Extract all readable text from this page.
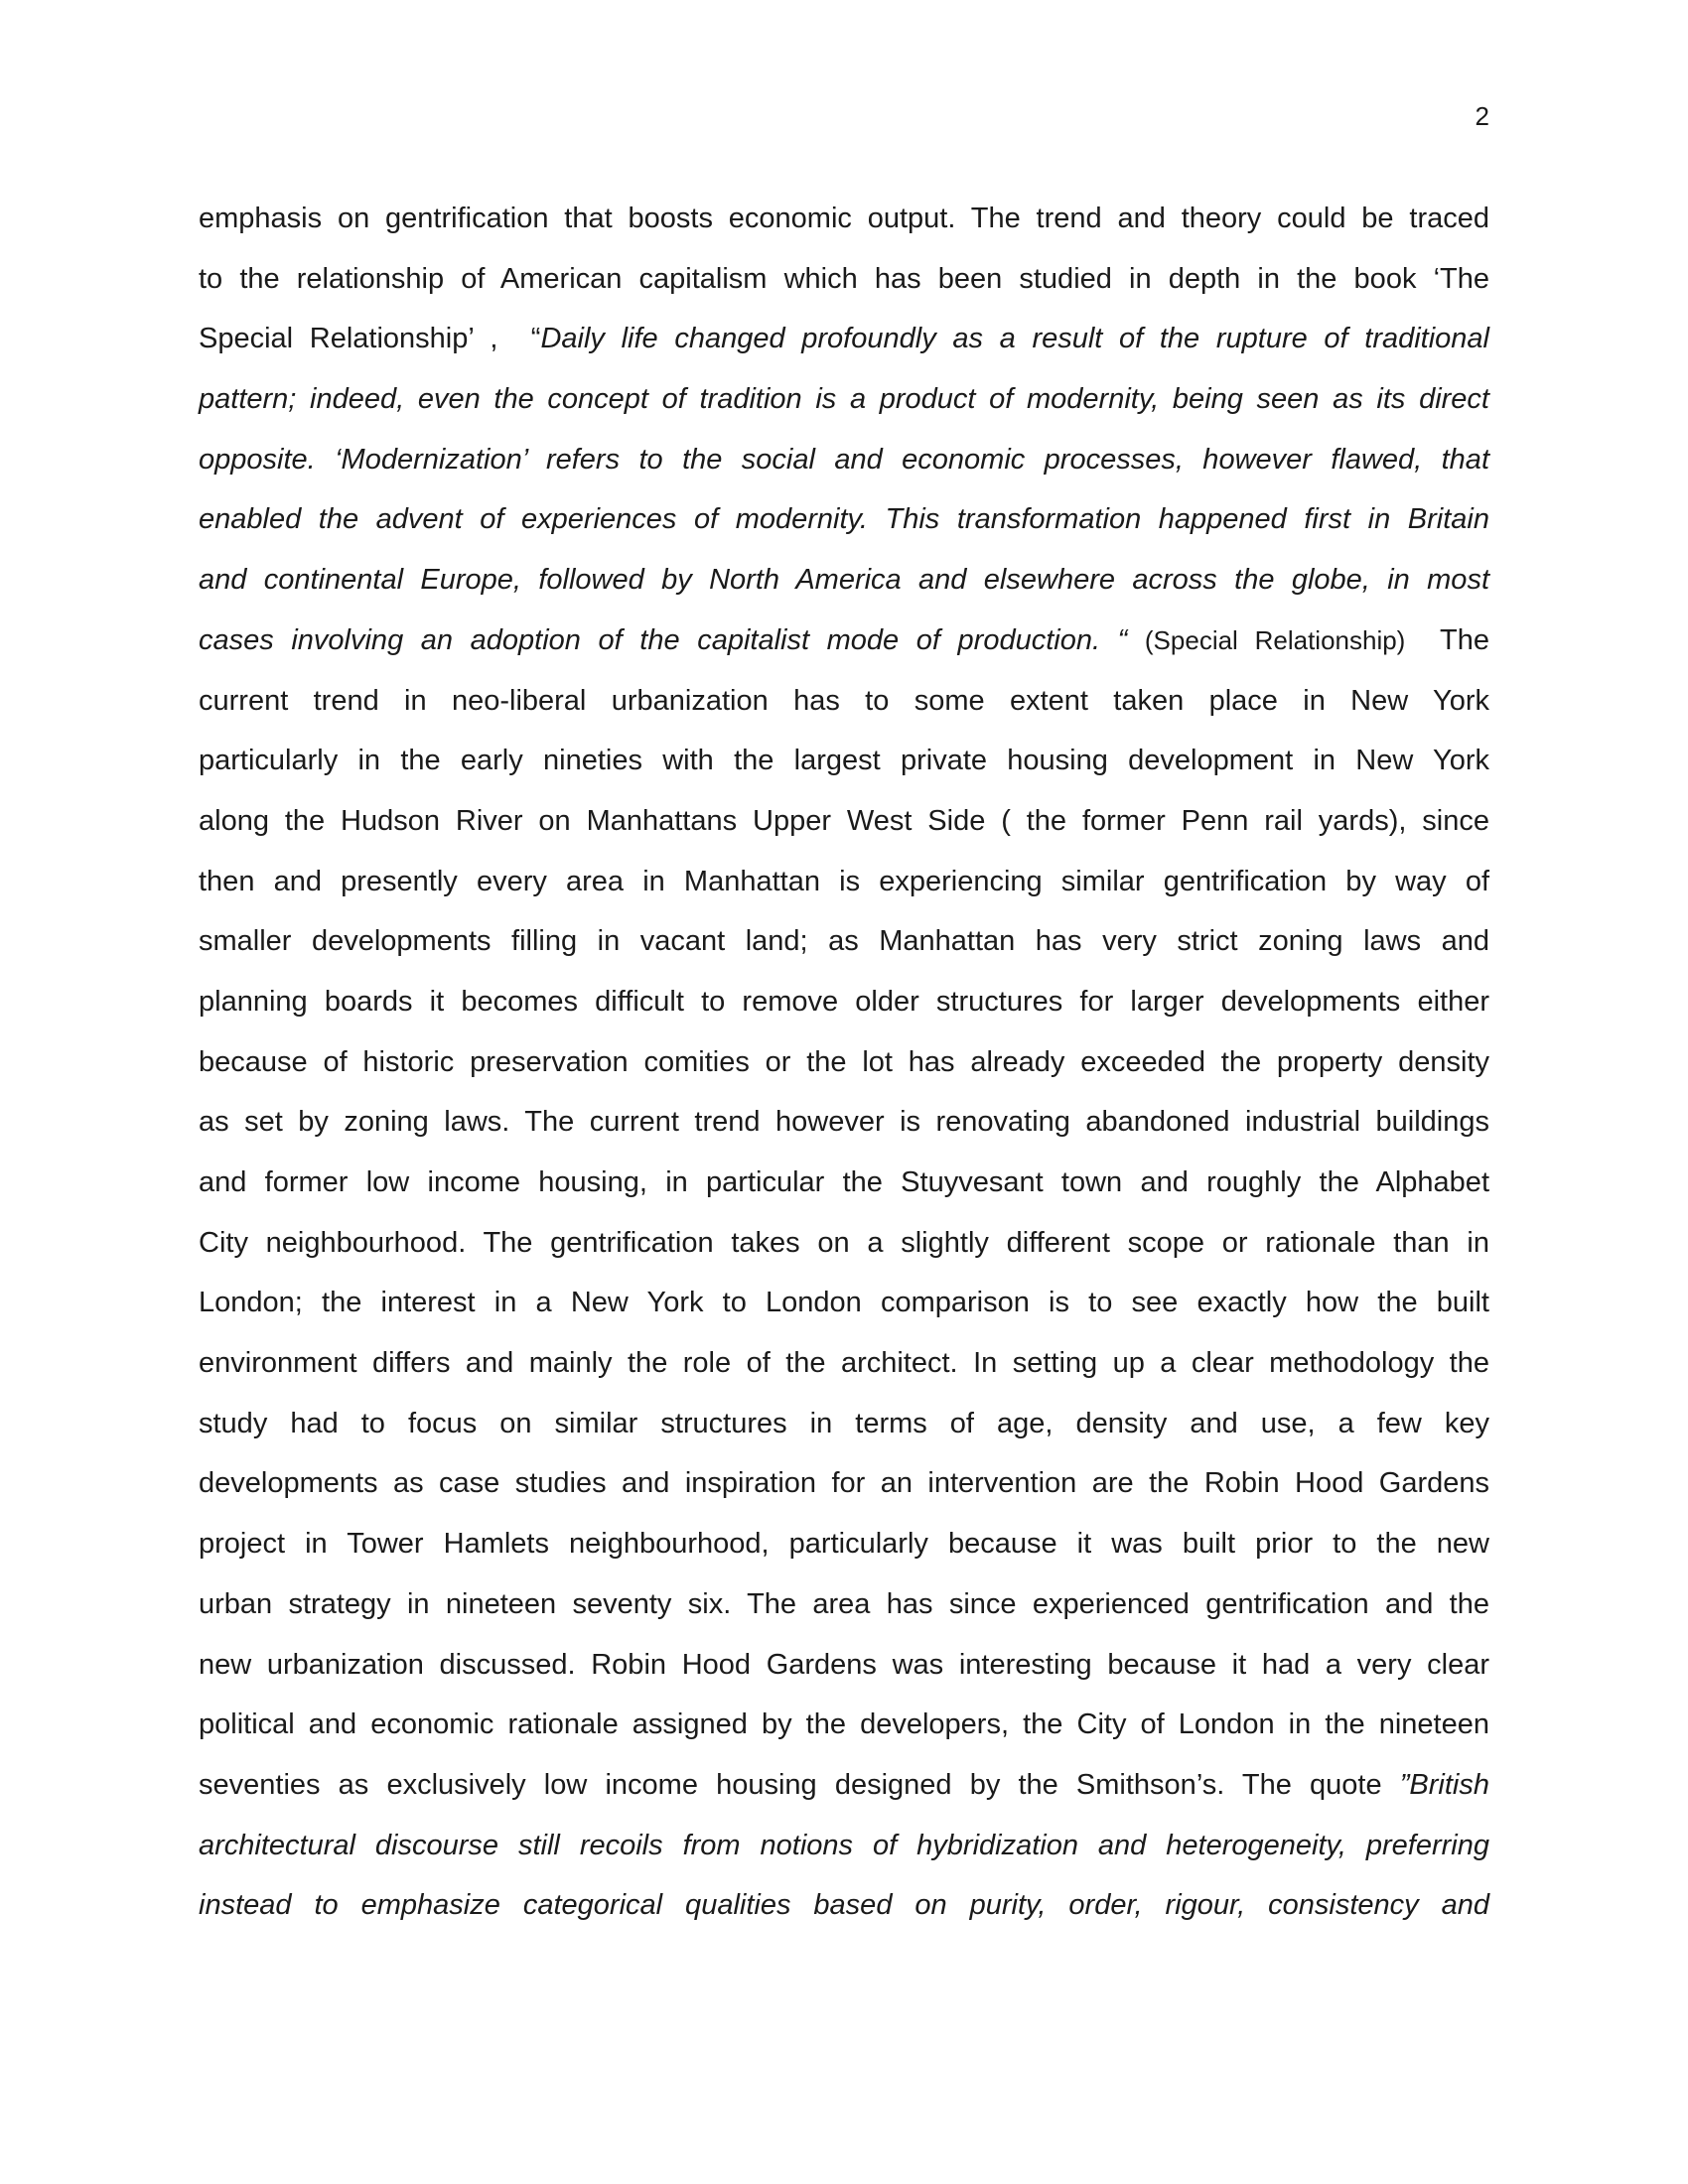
2
emphasis on gentrification that boosts economic output. The trend and theory could be traced
to the relationship of American capitalism which has been studied in depth in the book ‘The
Special Relationship’ ,  “Daily life changed profoundly as a result of the rupture of traditional
pattern; indeed, even the concept of tradition is a product of modernity, being seen as its direct
opposite. ‘Modernization’ refers to the social and economic processes, however flawed, that
enabled the advent of experiences of modernity. This transformation happened first in Britain
and continental Europe, followed by North America and elsewhere across the globe, in most
cases involving an adoption of the capitalist mode of production. “ (Special Relationship)  The
current trend in neo-liberal urbanization has to some extent taken place in New York
particularly in the early nineties with the largest private housing development in New York
along the Hudson River on Manhattans Upper West Side ( the former Penn rail yards), since
then and presently every area in Manhattan is experiencing similar gentrification by way of
smaller developments filling in vacant land; as Manhattan has very strict zoning laws and
planning boards it becomes difficult to remove older structures for larger developments either
because of historic preservation comities or the lot has already exceeded the property density
as set by zoning laws. The current trend however is renovating abandoned industrial buildings
and former low income housing, in particular the Stuyvesant town and roughly the Alphabet
City neighbourhood. The gentrification takes on a slightly different scope or rationale than in
London; the interest in a New York to London comparison is to see exactly how the built
environment differs and mainly the role of the architect. In setting up a clear methodology the
study had to focus on similar structures in terms of age, density and use, a few key
developments as case studies and inspiration for an intervention are the Robin Hood Gardens
project in Tower Hamlets neighbourhood, particularly because it was built prior to the new
urban strategy in nineteen seventy six. The area has since experienced gentrification and the
new urbanization discussed. Robin Hood Gardens was interesting because it had a very clear
political and economic rationale assigned by the developers, the City of London in the nineteen
seventies as exclusively low income housing designed by the Smithson’s. The quote ”British
architectural discourse still recoils from notions of hybridization and heterogeneity, preferring
instead to emphasize categorical qualities based on purity, order, rigour, consistency and
